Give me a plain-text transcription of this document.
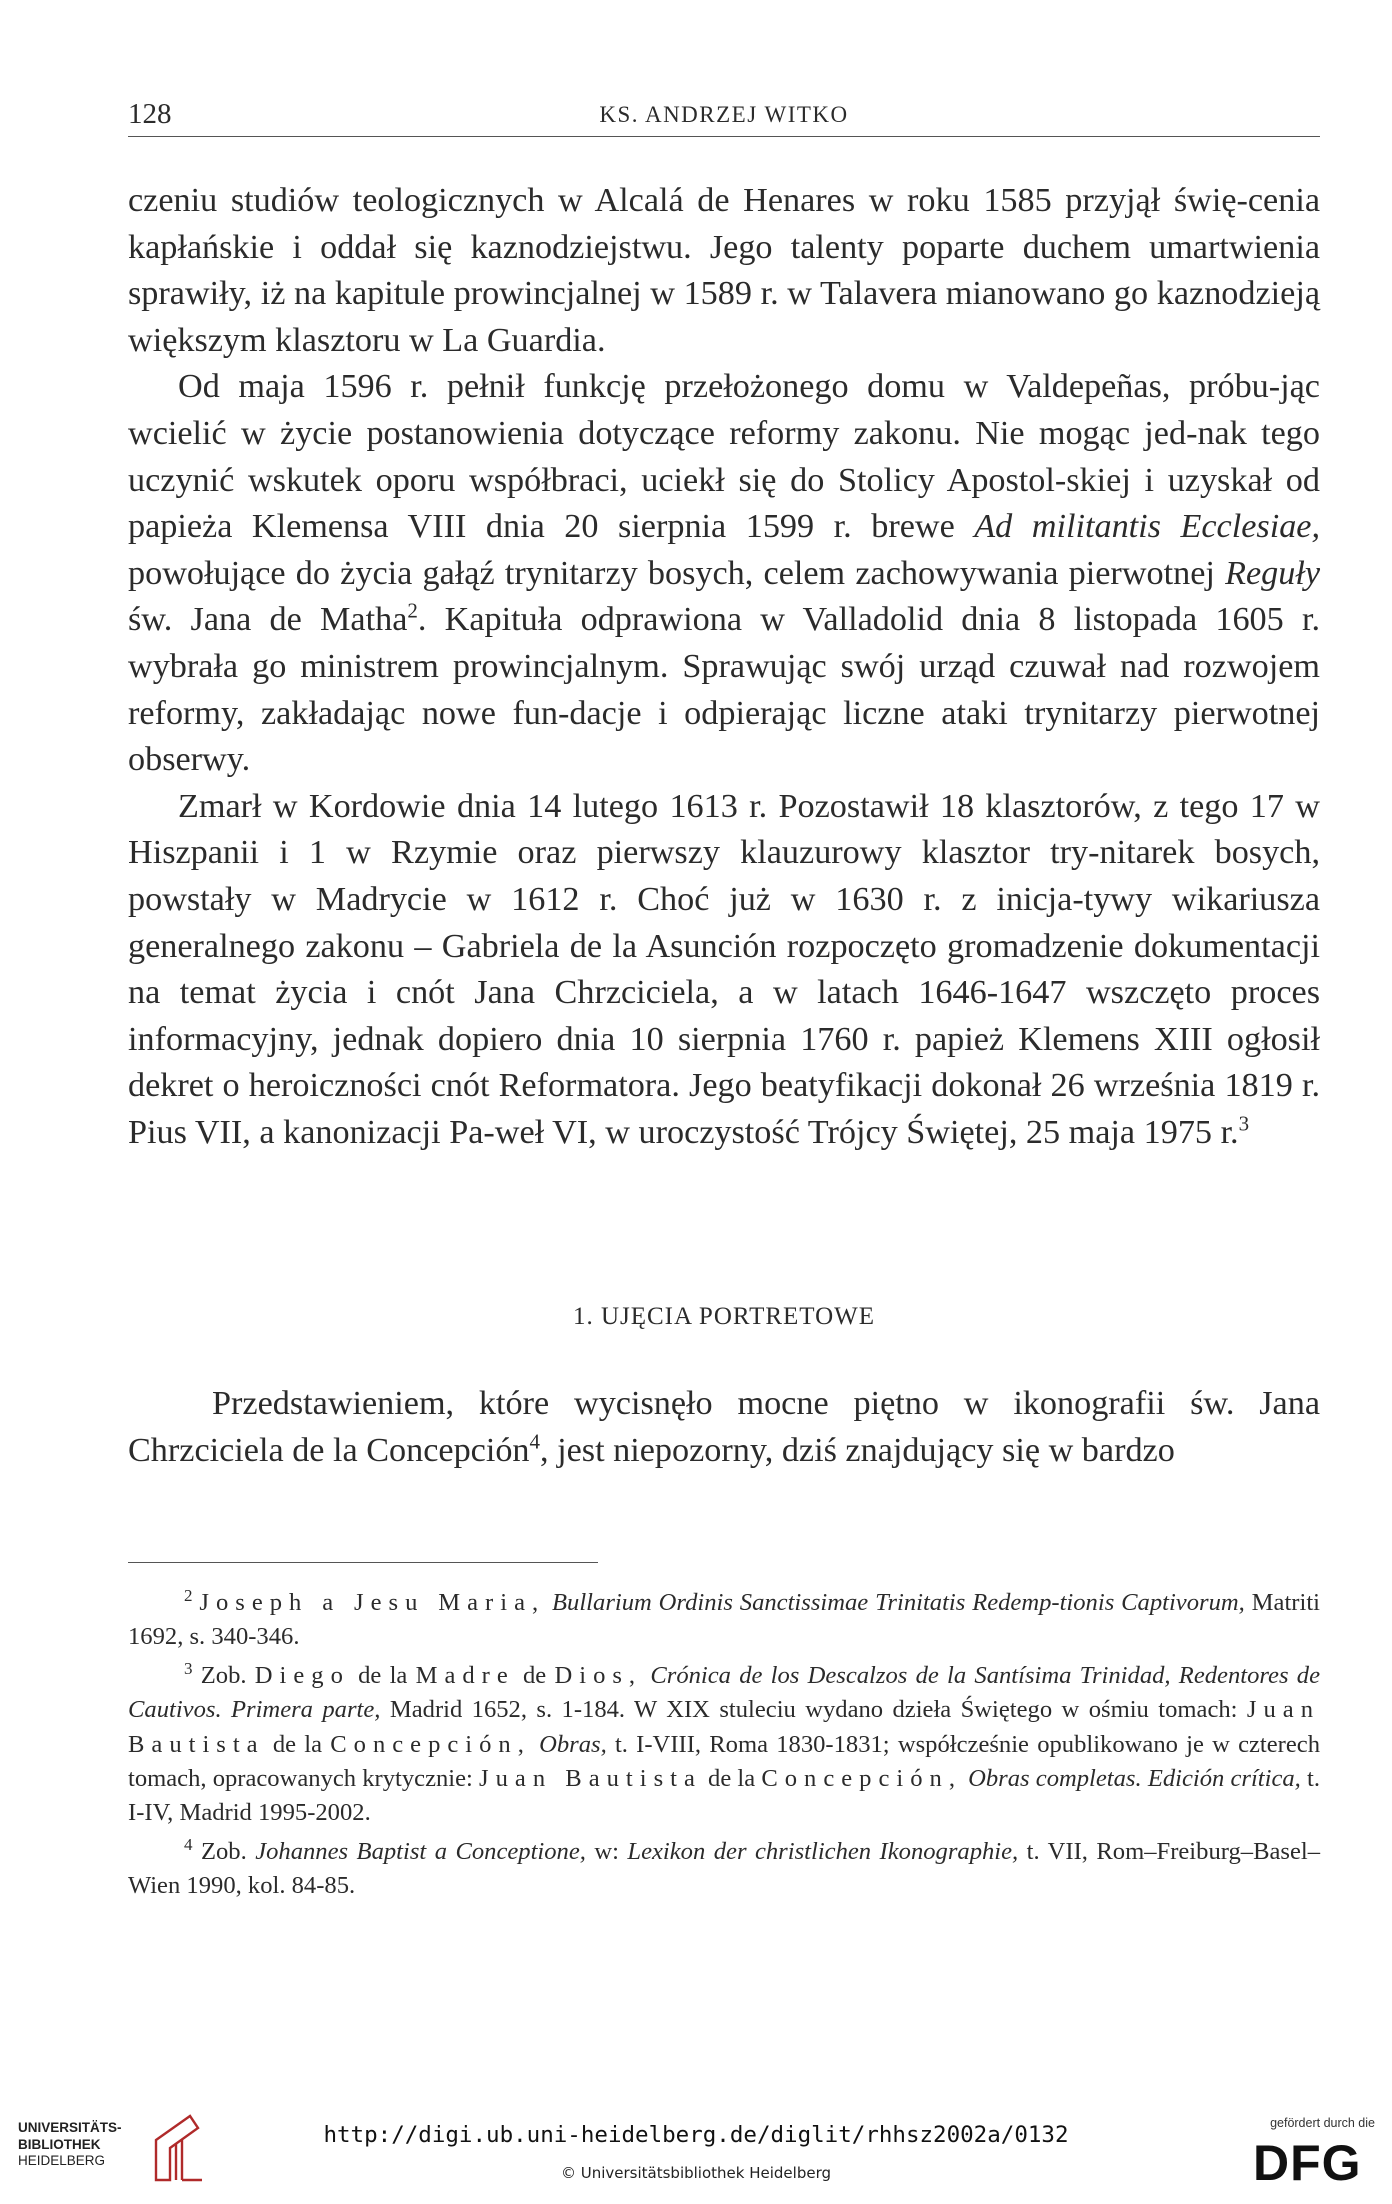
128	KS. ANDRZEJ WITKO

czeniu studiów teologicznych w Alcalá de Henares w roku 1585 przyjął świę-cenia kapłańskie i oddał się kaznodziejstwu. Jego talenty poparte duchem umartwienia sprawiły, iż na kapitule prowincjalnej w 1589 r. w Talavera mianowano go kaznodzieją większym klasztoru w La Guardia.

Od maja 1596 r. pełnił funkcję przełożonego domu w Valdepeñas, próbu-jąc wcielić w życie postanowienia dotyczące reformy zakonu. Nie mogąc jed-nak tego uczynić wskutek oporu współbraci, uciekł się do Stolicy Apostol-skiej i uzyskał od papieża Klemensa VIII dnia 20 sierpnia 1599 r. brewe Ad militantis Ecclesiae, powołujące do życia gałąź trynitarzy bosych, celem zachowywania pierwotnej Reguły św. Jana de Matha$^2$. Kapituła odprawiona w Valladolid dnia 8 listopada 1605 r. wybrała go ministrem prowincjalnym. Sprawując swój urząd czuwał nad rozwojem reformy, zakładając nowe fun-dacje i odpierając liczne ataki trynitarzy pierwotnej obserwy.

Zmarł w Kordowie dnia 14 lutego 1613 r. Pozostawił 18 klasztorów, z tego 17 w Hiszpanii i 1 w Rzymie oraz pierwszy klauzurowy klasztor try-nitarek bosych, powstały w Madrycie w 1612 r. Choć już w 1630 r. z inicja-tywy wikariusza generalnego zakonu – Gabriela de la Asunción rozpoczęto gromadzenie dokumentacji na temat życia i cnót Jana Chrzciciela, a w latach 1646-1647 wszczęto proces informacyjny, jednak dopiero dnia 10 sierpnia 1760 r. papież Klemens XIII ogłosił dekret o heroiczności cnót Reformatora. Jego beatyfikacji dokonał 26 września 1819 r. Pius VII, a kanonizacji Pa-weł VI, w uroczystość Trójcy Świętej, 25 maja 1975 r.$^3$

1. UJĘCIA PORTRETOWE

Przedstawieniem, które wycisnęło mocne piętno w ikonografii św. Jana Chrzciciela de la Concepción$^4$, jest niepozorny, dziś znajdujący się w bardzo

$^2$ Joseph a Jesu Maria, Bullarium Ordinis Sanctissimae Trinitatis Redemp-tionis Captivorum, Matriti 1692, s. 340-346.

$^3$ Zob. Diego de la Madre de Dios, Crónica de los Descalzos de la Santísima Trinidad, Redentores de Cautivos. Primera parte, Madrid 1652, s. 1-184. W XIX stuleciu wydano dzieła Świętego w ośmiu tomach: Juan Bautista de la Concepción, Obras, t. I-VIII, Roma 1830-1831; współcześnie opublikowano je w czterech tomach, opracowanych krytycznie: Juan Bautista de la Concepción, Obras completas. Edición crítica, t. I-IV, Madrid 1995-2002.

$^4$ Zob. Johannes Baptist a Conceptione, w: Lexikon der christlichen Ikonographie, t. VII, Rom–Freiburg–Basel–Wien 1990, kol. 84-85.

UNIVERSITÄTS-
BIBLIOTHEK
HEIDELBERG
http://digi.ub.uni-heidelberg.de/diglit/rhhsz2002a/0132
© Universitätsbibliothek Heidelberg
gefördert durch die
DFG
